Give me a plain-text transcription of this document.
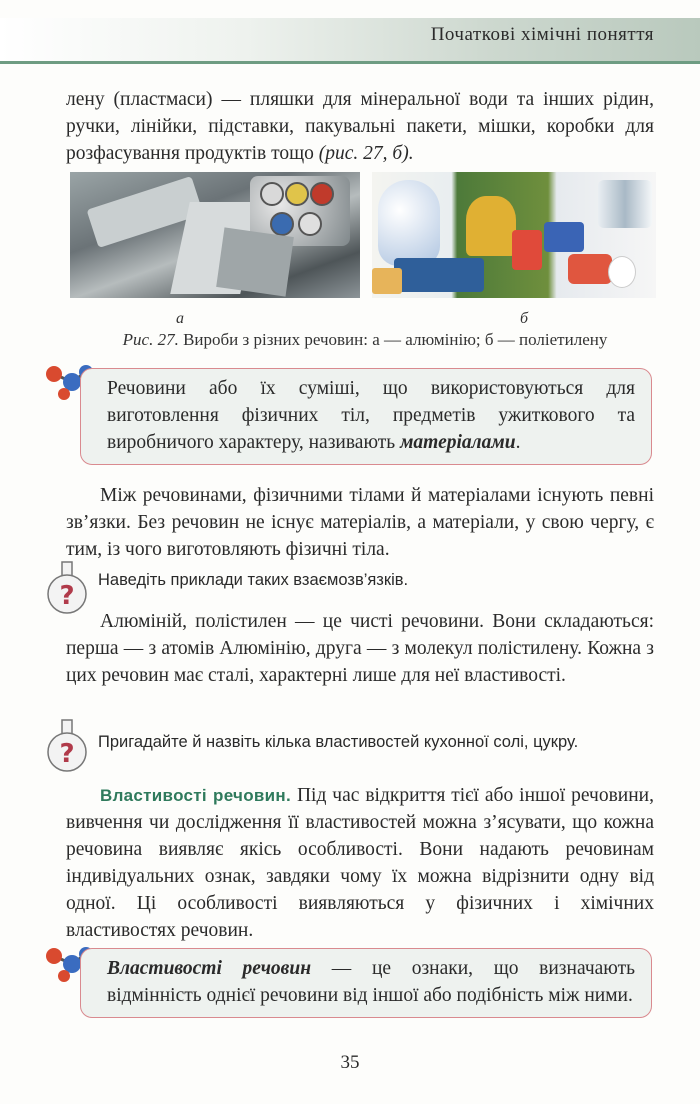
Початкові хімічні поняття
лену (пластмаси) — пляшки для мінеральної води та інших рідин, ручки, лінійки, підставки, пакувальні пакети, мішки, коробки для розфасування продуктів тощо (рис. 27, б).
а	б
Рис. 27. Вироби з різних речовин: а — алюмінію; б — поліетилену
Речовини або їх суміші, що використовуються для виготовлення фізичних тіл, предметів ужиткового та виробничого характеру, називають матеріалами.
Між речовинами, фізичними тілами й матеріалами існують певні зв’язки. Без речовин не існує матеріалів, а матеріали, у свою чергу, є тим, із чого виготовляють фізичні тіла.
?
Наведіть приклади таких взаємозв’язків.
Алюміній, полістилен — це чисті речовини. Вони складаються: перша — з атомів Алюмінію, друга — з молекул полістилену. Кожна з цих речовин має сталі, характерні лише для неї властивості.
? Пригадайте й назвіть кілька властивостей кухонної солі, цукру.
Властивості речовин. Під час відкриття тієї або іншої речовини, вивчення чи дослідження її властивостей можна з’ясувати, що кожна речовина виявляє якісь особливості. Вони надають речовинам індивідуальних ознак, завдяки чому їх можна відрізнити одну від одної. Ці особливості виявляються у фізичних і хімічних властивостях речовин.
Властивості речовин — це ознаки, що визначають відмінність однієї речовини від іншої або подібність між ними.
35
